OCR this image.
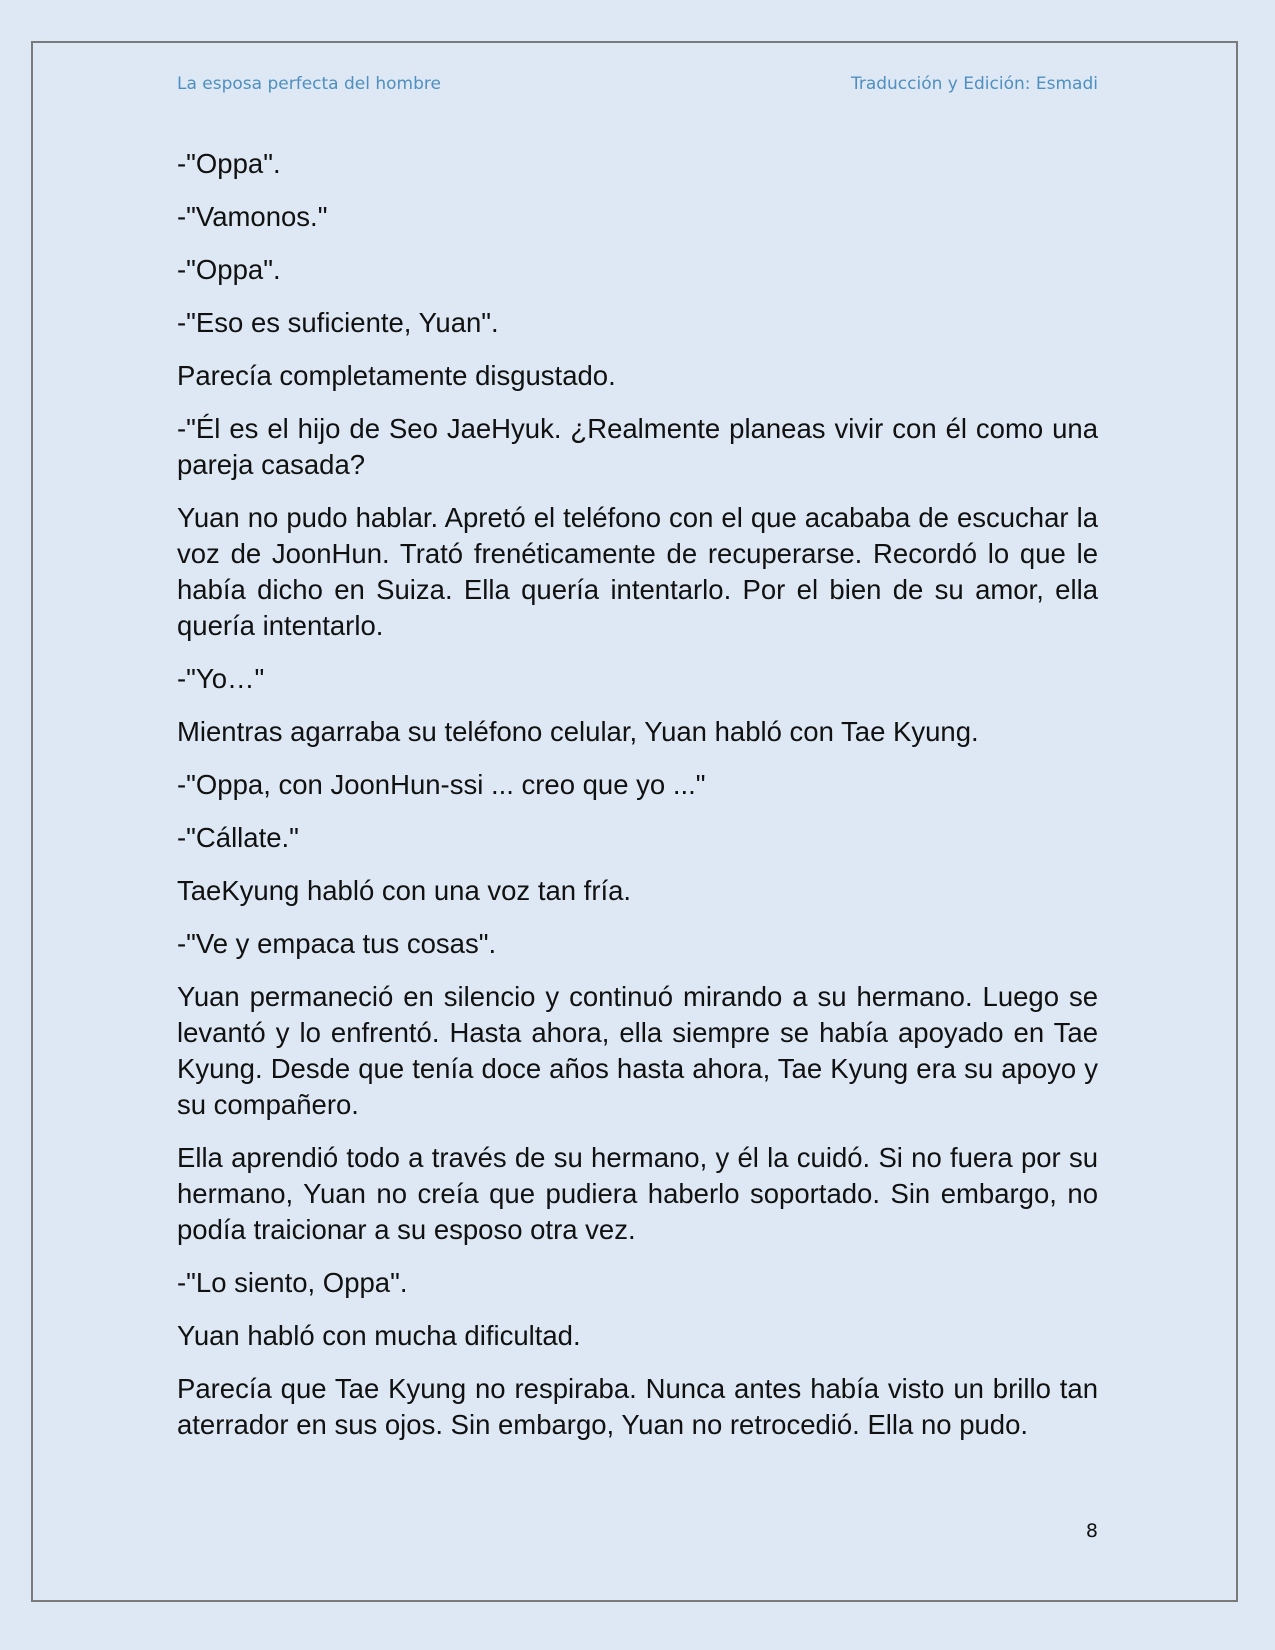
La esposa perfecta del hombre	Traducción y Edición: Esmadi

-"Oppa".

-"Vamonos."

-"Oppa".

-"Eso es suficiente, Yuan".

Parecía completamente disgustado.

-"Él es el hijo de Seo JaeHyuk. ¿Realmente planeas vivir con él como una pareja casada?

Yuan no pudo hablar. Apretó el teléfono con el que acababa de escuchar la voz de JoonHun. Trató frenéticamente de recuperarse. Recordó lo que le había dicho en Suiza. Ella quería intentarlo. Por el bien de su amor, ella quería intentarlo.

-"Yo…"

Mientras agarraba su teléfono celular, Yuan habló con Tae Kyung.

-"Oppa, con JoonHun-ssi ... creo que yo ..."

-"Cállate."

TaeKyung habló con una voz tan fría.

-"Ve y empaca tus cosas".

Yuan permaneció en silencio y continuó mirando a su hermano. Luego se levantó y lo enfrentó. Hasta ahora, ella siempre se había apoyado en Tae Kyung. Desde que tenía doce años hasta ahora, Tae Kyung era su apoyo y su compañero.

Ella aprendió todo a través de su hermano, y él la cuidó. Si no fuera por su hermano, Yuan no creía que pudiera haberlo soportado. Sin embargo, no podía traicionar a su esposo otra vez.

-"Lo siento, Oppa".

Yuan habló con mucha dificultad.

Parecía que Tae Kyung no respiraba. Nunca antes había visto un brillo tan aterrador en sus ojos. Sin embargo, Yuan no retrocedió. Ella no pudo.

8
